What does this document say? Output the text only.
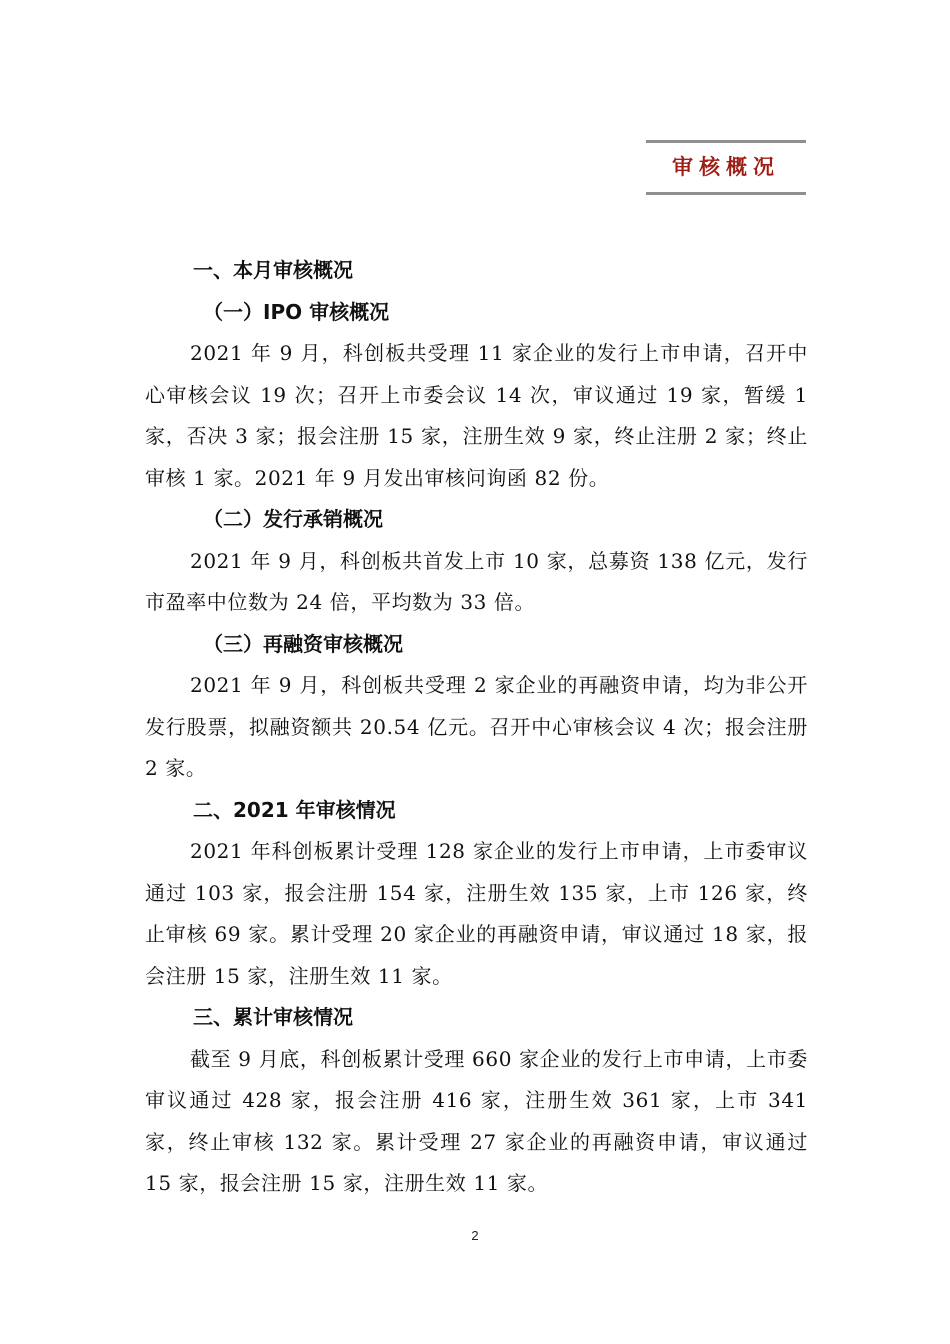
审核概况
一、本月审核概况
（一）IPO 审核概况
2021 年 9 月，科创板共受理 11 家企业的发行上市申请，召开中心审核会议 19 次；召开上市委会议 14 次，审议通过 19 家，暂缓 1 家，否决 3 家；报会注册 15 家，注册生效 9 家，终止注册 2 家；终止审核 1 家。2021 年 9 月发出审核问询函 82 份。
（二）发行承销概况
2021 年 9 月，科创板共首发上市 10 家，总募资 138 亿元，发行市盈率中位数为 24 倍，平均数为 33 倍。
（三）再融资审核概况
2021 年 9 月，科创板共受理 2 家企业的再融资申请，均为非公开发行股票，拟融资额共 20.54 亿元。召开中心审核会议 4 次；报会注册 2 家。
二、2021 年审核情况
2021 年科创板累计受理 128 家企业的发行上市申请，上市委审议通过 103 家，报会注册 154 家，注册生效 135 家，上市 126 家，终止审核 69 家。累计受理 20 家企业的再融资申请，审议通过 18 家，报会注册 15 家，注册生效 11 家。
三、累计审核情况
截至 9 月底，科创板累计受理 660 家企业的发行上市申请，上市委审议通过 428 家，报会注册 416 家，注册生效 361 家，上市 341 家，终止审核 132 家。累计受理 27 家企业的再融资申请，审议通过 15 家，报会注册 15 家，注册生效 11 家。
2
